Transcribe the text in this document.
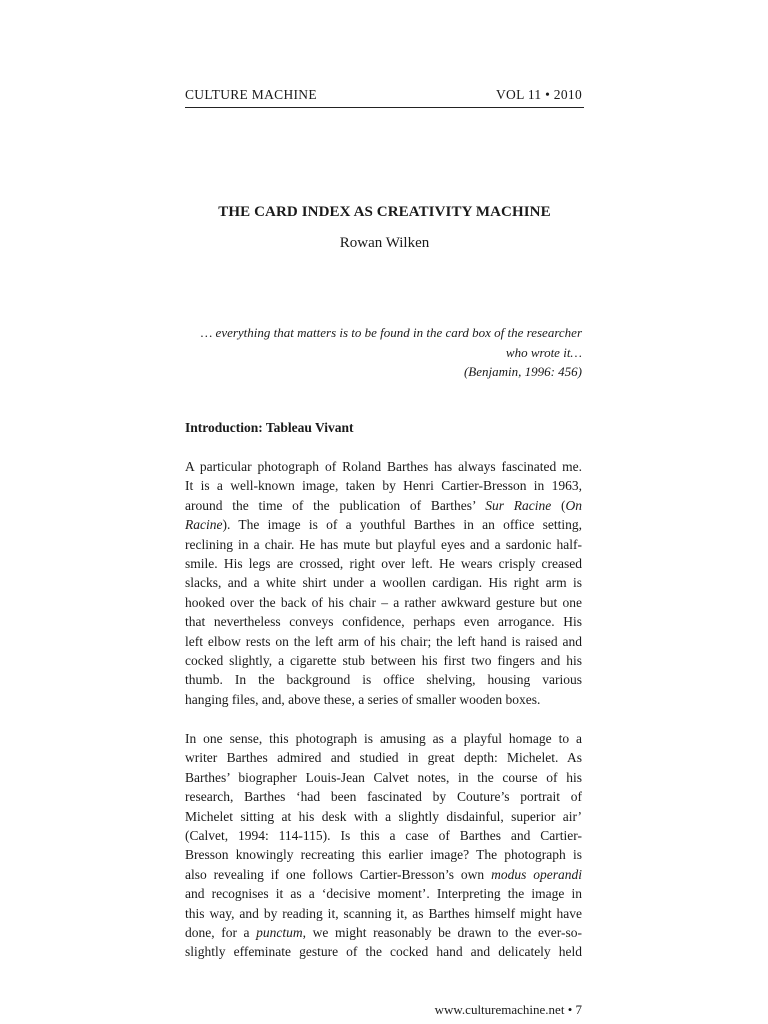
CULTURE MACHINE	VOL 11 • 2010
THE CARD INDEX AS CREATIVITY MACHINE
Rowan Wilken
… everything that matters is to be found in the card box of the researcher
who wrote it…
(Benjamin, 1996: 456)
Introduction: Tableau Vivant

A particular photograph of Roland Barthes has always fascinated me.
It is a well-known image, taken by Henri Cartier-Bresson in 1963,
around the time of the publication of Barthes’ Sur Racine (On
Racine). The image is of a youthful Barthes in an office setting,
reclining in a chair. He has mute but playful eyes and a sardonic half-
smile. His legs are crossed, right over left. He wears crisply creased
slacks, and a white shirt under a woollen cardigan. His right arm is
hooked over the back of his chair – a rather awkward gesture but one
that nevertheless conveys confidence, perhaps even arrogance. His
left elbow rests on the left arm of his chair; the left hand is raised and
cocked slightly, a cigarette stub between his first two fingers and his
thumb. In the background is office shelving, housing various
hanging files, and, above these, a series of smaller wooden boxes.

In one sense, this photograph is amusing as a playful homage to a
writer Barthes admired and studied in great depth: Michelet. As
Barthes’ biographer Louis-Jean Calvet notes, in the course of his
research, Barthes ‘had been fascinated by Couture’s portrait of
Michelet sitting at his desk with a slightly disdainful, superior air’
(Calvet, 1994: 114-115). Is this a case of Barthes and Cartier-
Bresson knowingly recreating this earlier image? The photograph is
also revealing if one follows Cartier-Bresson’s own modus operandi
and recognises it as a ‘decisive moment’. Interpreting the image in
this way, and by reading it, scanning it, as Barthes himself might have
done, for a punctum, we might reasonably be drawn to the ever-so-
slightly effeminate gesture of the cocked hand and delicately held

www.culturemachine.net • 7
